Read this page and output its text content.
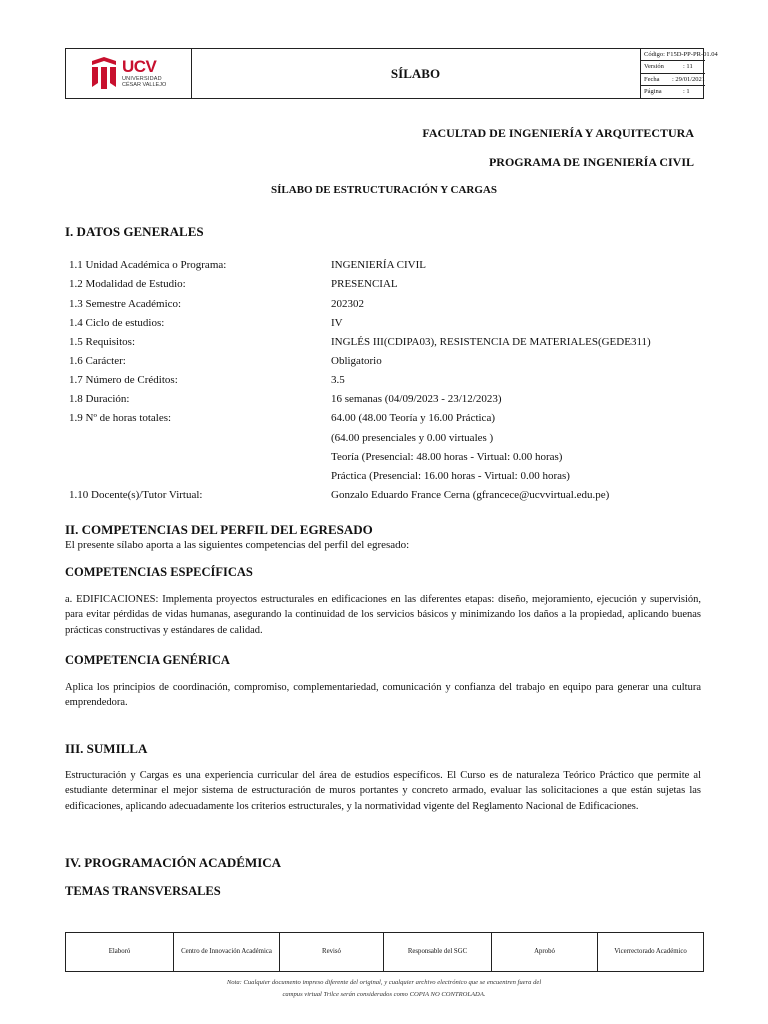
UCV
UNIVERSIDAD
CÉSAR VALLEJO
SÍLABO
Código : F15D-PP-PR-01.04
Versión	: 11
Fecha	: 29/01/2021
Página	: 1
FACULTAD DE INGENIERÍA Y ARQUITECTURA
PROGRAMA DE INGENIERÍA CIVIL
SÍLABO DE ESTRUCTURACIÓN Y CARGAS
I. DATOS GENERALES
1.1 Unidad Académica o Programa:	INGENIERÍA CIVIL
1.2 Modalidad de Estudio:	PRESENCIAL
1.3 Semestre Académico:	202302
1.4 Ciclo de estudios:	IV
1.5 Requisitos:	INGLÉS III(CDIPA03), RESISTENCIA DE MATERIALES(GEDE311)
1.6 Carácter:	Obligatorio
1.7 Número de Créditos:	3.5
1.8 Duración:	16 semanas (04/09/2023 - 23/12/2023)
1.9 Nº de horas totales:	64.00 (48.00 Teoría y 16.00 Práctica)
(64.00 presenciales y 0.00 virtuales )
Teoría (Presencial: 48.00 horas - Virtual: 0.00 horas)
Práctica (Presencial: 16.00 horas - Virtual: 0.00 horas)
1.10 Docente(s)/Tutor Virtual:	Gonzalo Eduardo France Cerna (gfrancece@ucvvirtual.edu.pe)
II. COMPETENCIAS DEL PERFIL DEL EGRESADO
El presente sílabo aporta a las siguientes competencias del perfil del egresado:
COMPETENCIAS ESPECÍFICAS
a. EDIFICACIONES: Implementa proyectos estructurales en edificaciones en las diferentes etapas: diseño, mejoramiento, ejecución y supervisión, para evitar pérdidas de vidas humanas, asegurando la continuidad de los servicios básicos y minimizando los daños a la propiedad, aplicando buenas prácticas constructivas y estándares de calidad.
COMPETENCIA GENÉRICA
Aplica los principios de coordinación, compromiso, complementariedad, comunicación y confianza del trabajo en equipo para generar una cultura emprendedora.
III. SUMILLA
Estructuración y Cargas es una experiencia curricular del área de estudios específicos. El Curso es de naturaleza Teórico Práctico que permite al estudiante determinar el mejor sistema de estructuración de muros portantes y concreto armado, evaluar las solicitaciones a que están sujetas las edificaciones, aplicando adecuadamente los criterios estructurales, y la normatividad vigente del Reglamento Nacional de Edificaciones.
IV. PROGRAMACIÓN ACADÉMICA
TEMAS TRANSVERSALES
Elaboró	Centro de Innovación Académica	Revisó	Responsable del SGC	Aprobó	Vicerrectorado Académico
Nota: Cualquier documento impreso diferente del original, y cualquier archivo electrónico que se encuentren fuera del
campus virtual Trilce serán considerados como COPIA NO CONTROLADA.
